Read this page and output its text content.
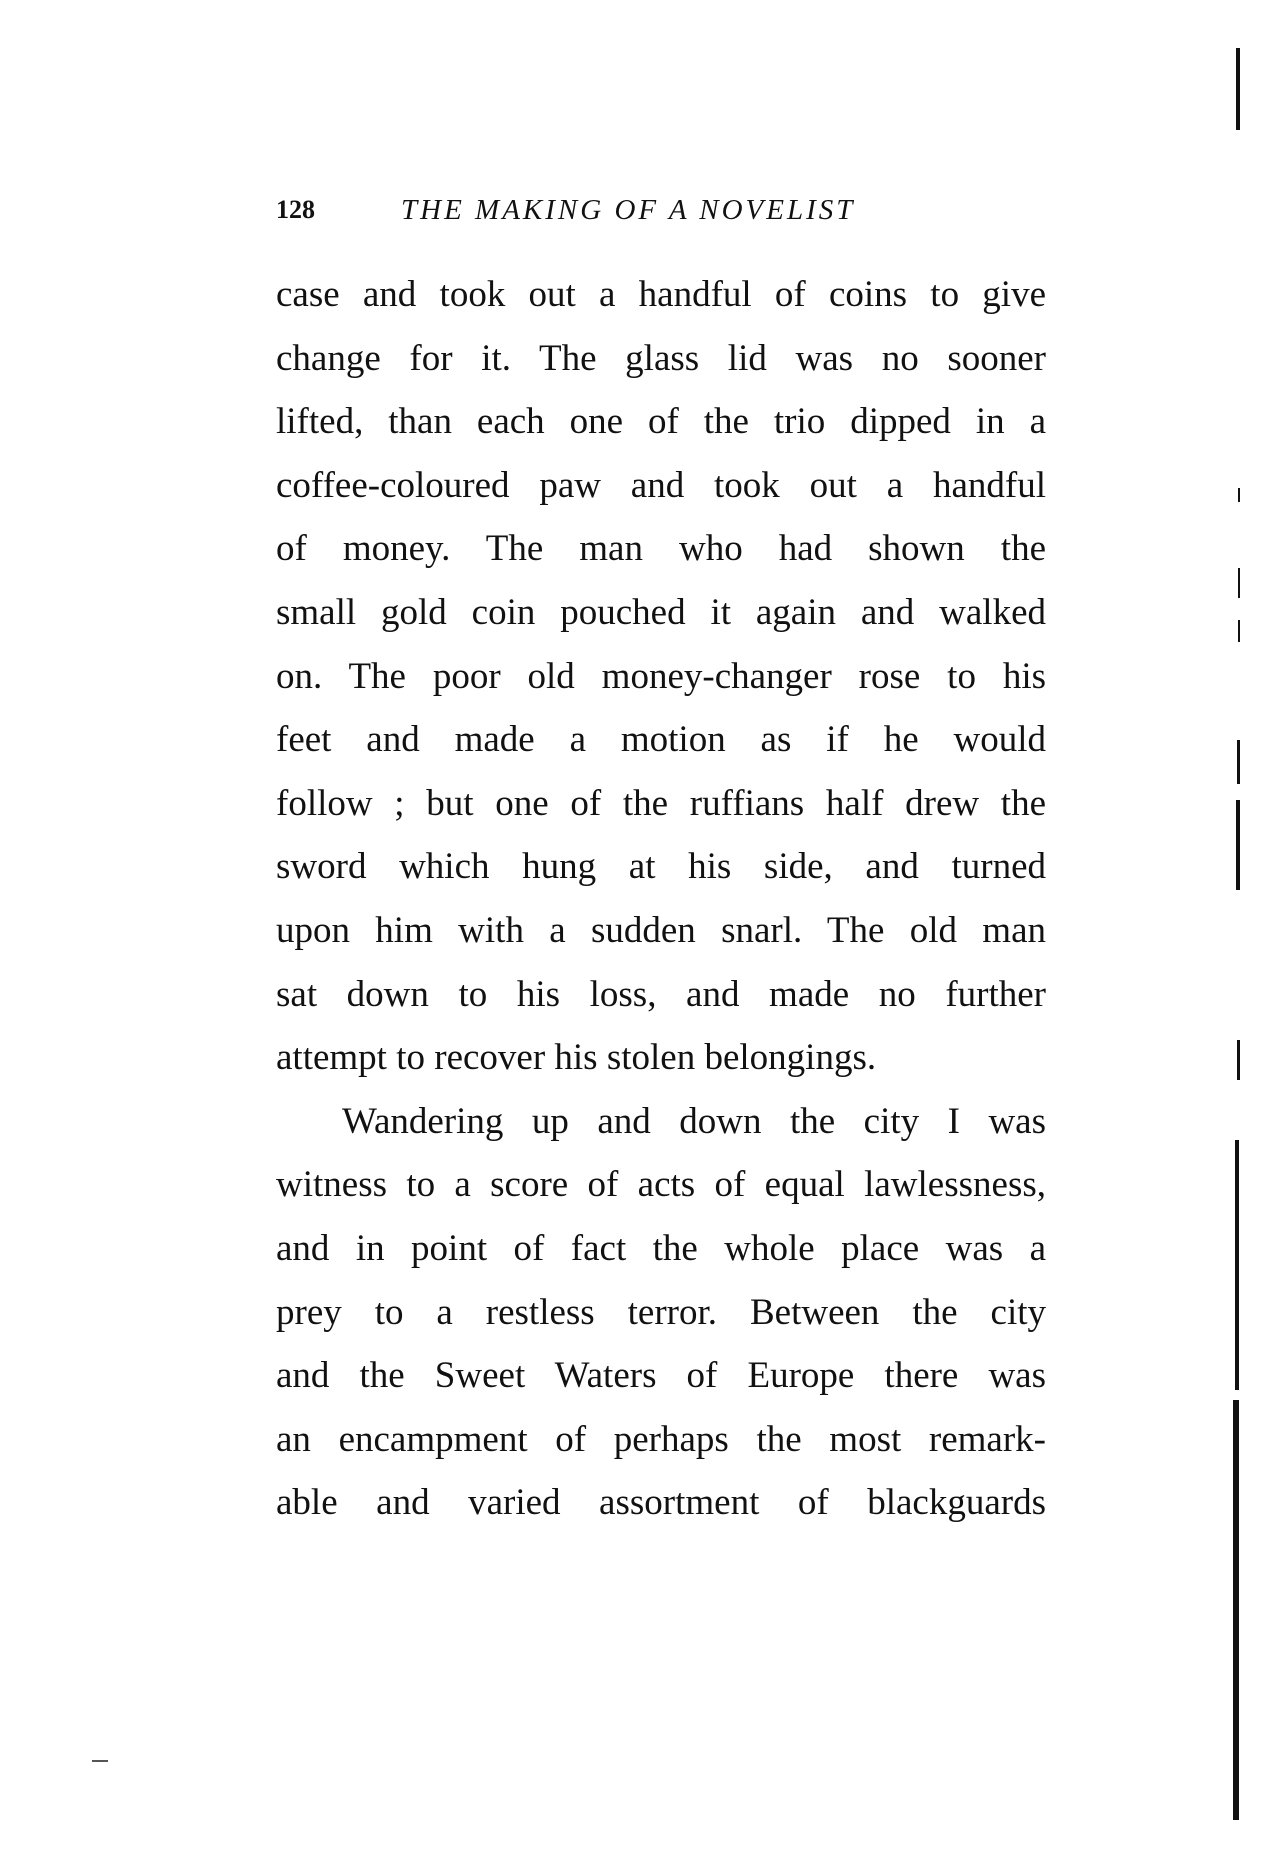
128	THE MAKING OF A NOVELIST
case and took out a handful of coins to give
change for it. The glass lid was no sooner
lifted, than each one of the trio dipped in a
coffee-coloured paw and took out a handful
of money. The man who had shown the
small gold coin pouched it again and walked
on. The poor old money-changer rose to his
feet and made a motion as if he would
follow ; but one of the ruffians half drew the
sword which hung at his side, and turned
upon him with a sudden snarl. The old man
sat down to his loss, and made no further
attempt to recover his stolen belongings.
Wandering up and down the city I was
witness to a score of acts of equal lawlessness,
and in point of fact the whole place was a
prey to a restless terror. Between the city
and the Sweet Waters of Europe there was
an encampment of perhaps the most remark-
able and varied assortment of blackguards
